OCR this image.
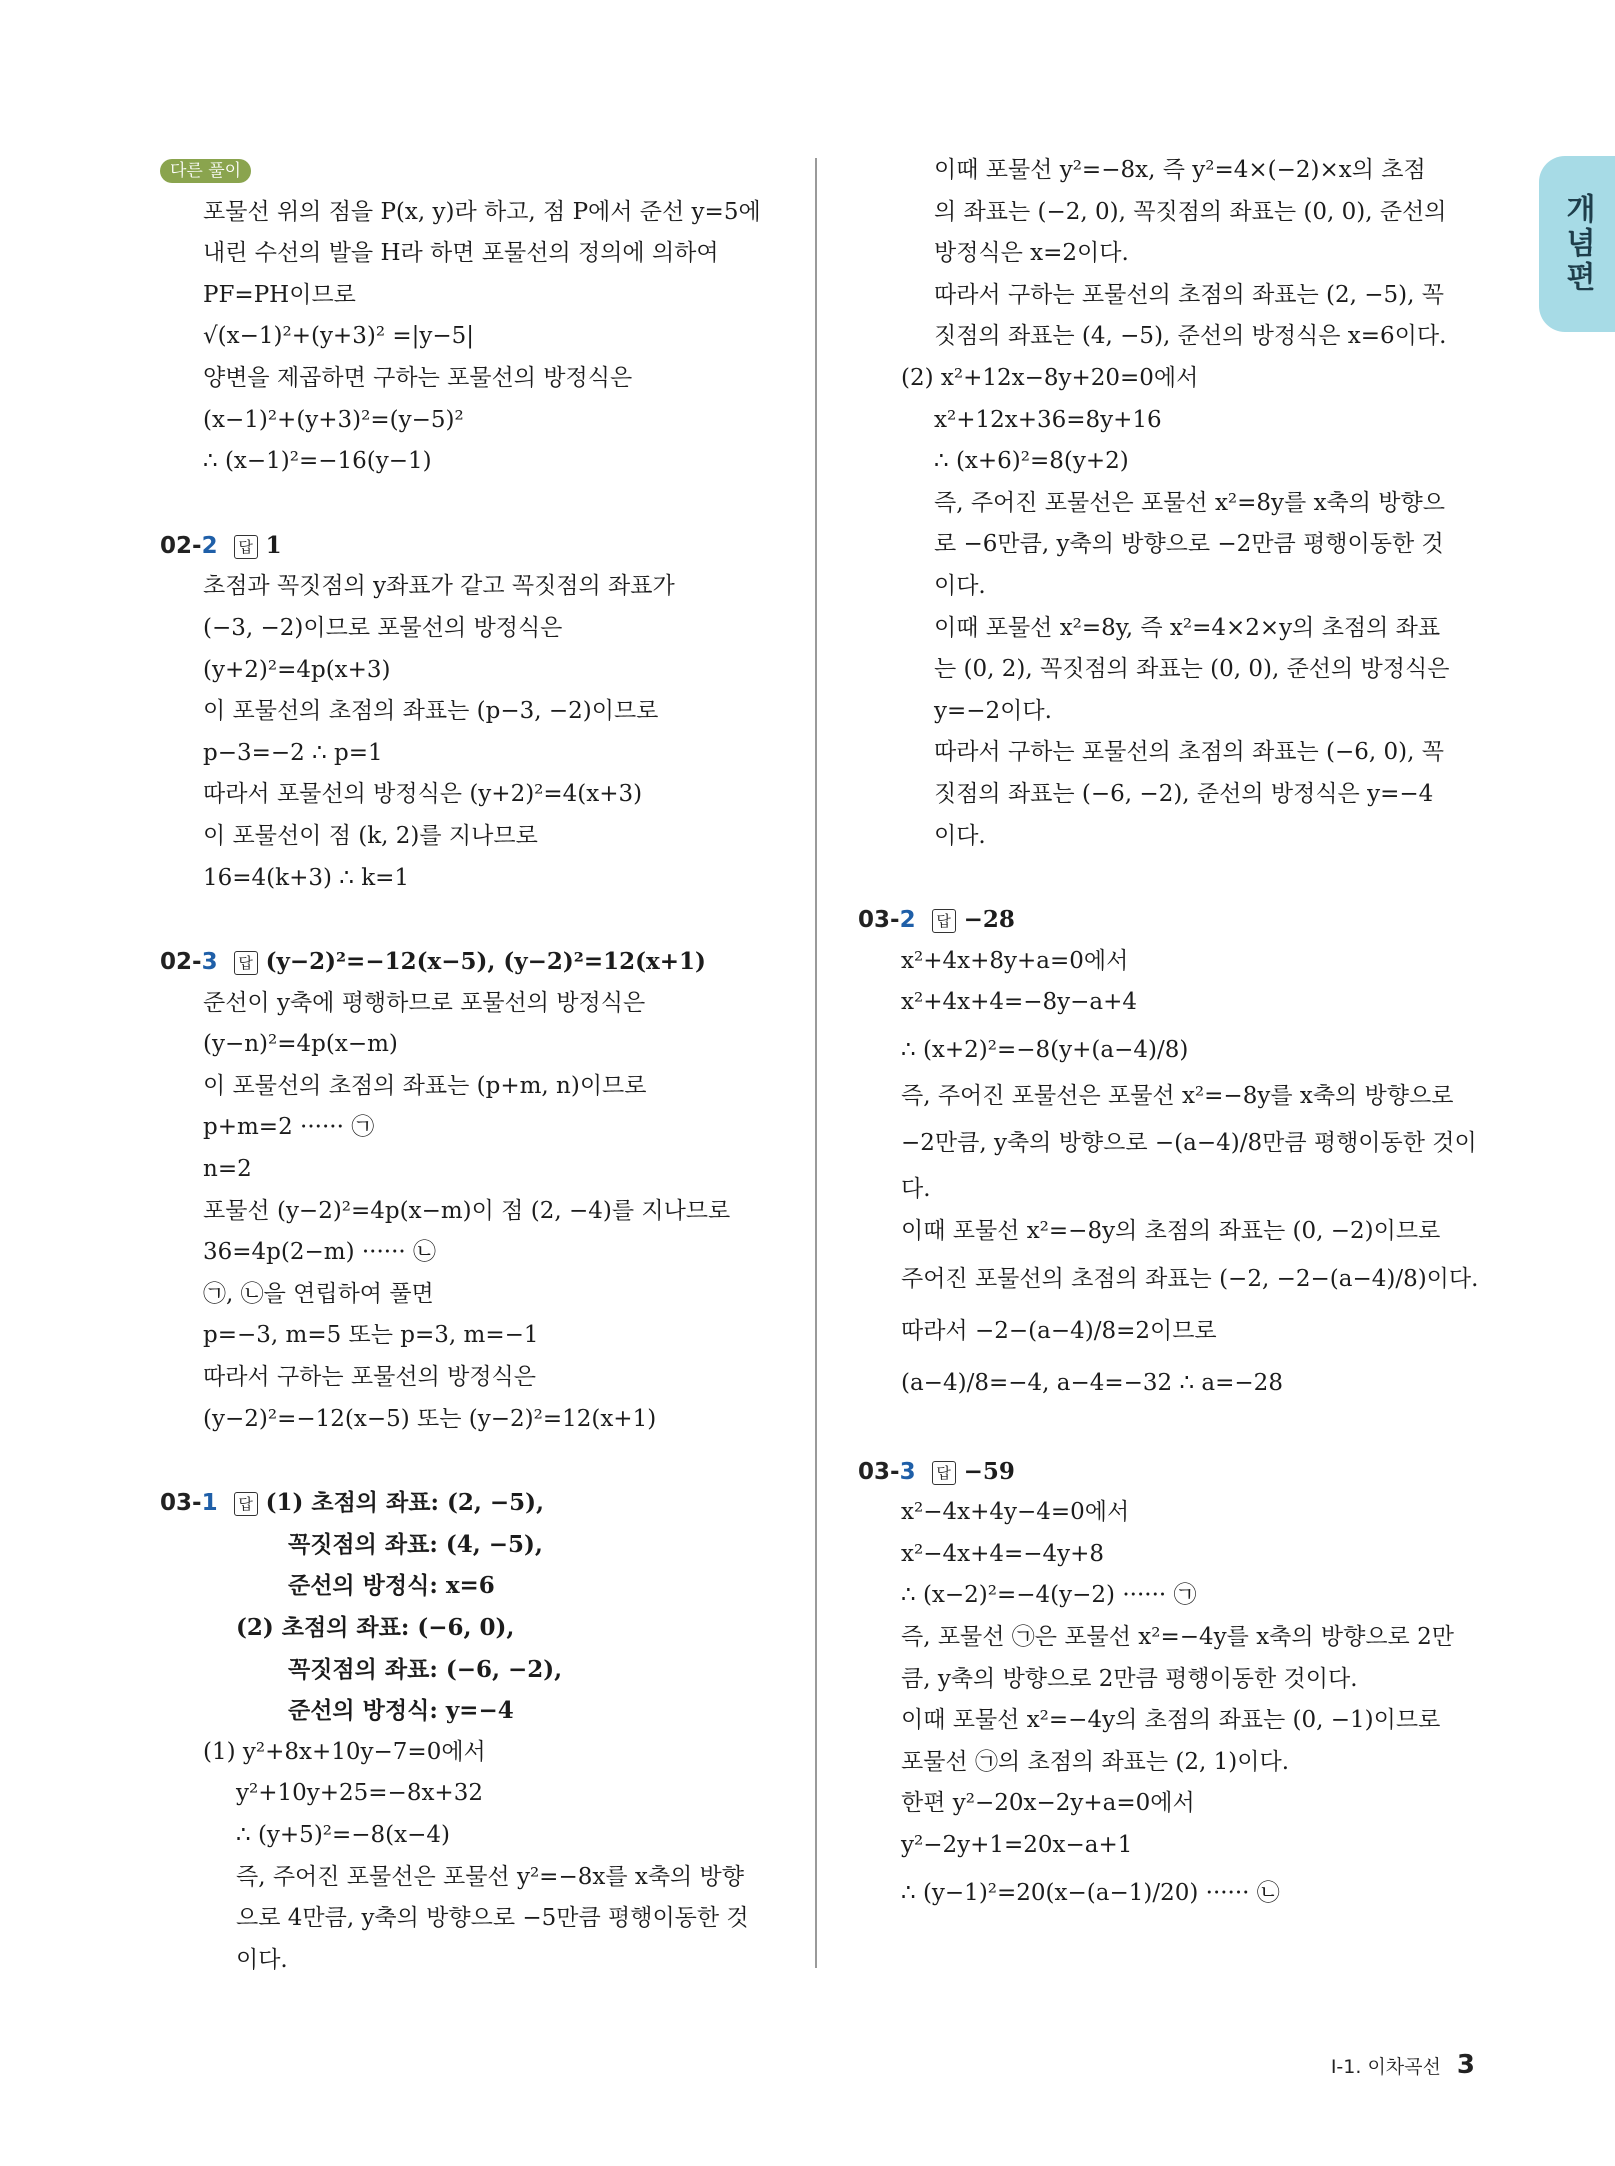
개념편
다른 풀이
포물선 위의 점을 P(x, y)라 하고, 점 P에서 준선 y=5에
내린 수선의 발을 H라 하면 포물선의 정의에 의하여
PF=PH이므로
√(x−1)²+(y+3)² =|y−5|
양변을 제곱하면 구하는 포물선의 방정식은
(x−1)²+(y+3)²=(y−5)²
∴ (x−1)²=−16(y−1)
02-2 답 1
초점과 꼭짓점의 y좌표가 같고 꼭짓점의 좌표가
(−3, −2)이므로 포물선의 방정식은
(y+2)²=4p(x+3)
이 포물선의 초점의 좌표는 (p−3, −2)이므로
p−3=−2 ∴ p=1
따라서 포물선의 방정식은 (y+2)²=4(x+3)
이 포물선이 점 (k, 2)를 지나므로
16=4(k+3) ∴ k=1
02-3 답 (y−2)²=−12(x−5), (y−2)²=12(x+1)
준선이 y축에 평행하므로 포물선의 방정식은
(y−n)²=4p(x−m)
이 포물선의 초점의 좌표는 (p+m, n)이므로
p+m=2 ······ ㉠
n=2
포물선 (y−2)²=4p(x−m)이 점 (2, −4)를 지나므로
36=4p(2−m) ······ ㉡
㉠, ㉡을 연립하여 풀면
p=−3, m=5 또는 p=3, m=−1
따라서 구하는 포물선의 방정식은
(y−2)²=−12(x−5) 또는 (y−2)²=12(x+1)
03-1 답 (1) 초점의 좌표: (2, −5),
꼭짓점의 좌표: (4, −5),
준선의 방정식: x=6
(2) 초점의 좌표: (−6, 0),
꼭짓점의 좌표: (−6, −2),
준선의 방정식: y=−4
(1) y²+8x+10y−7=0에서
y²+10y+25=−8x+32
∴ (y+5)²=−8(x−4)
즉, 주어진 포물선은 포물선 y²=−8x를 x축의 방향
으로 4만큼, y축의 방향으로 −5만큼 평행이동한 것
이다.
이때 포물선 y²=−8x, 즉 y²=4×(−2)×x의 초점
의 좌표는 (−2, 0), 꼭짓점의 좌표는 (0, 0), 준선의
방정식은 x=2이다.
따라서 구하는 포물선의 초점의 좌표는 (2, −5), 꼭
짓점의 좌표는 (4, −5), 준선의 방정식은 x=6이다.
(2) x²+12x−8y+20=0에서
x²+12x+36=8y+16
∴ (x+6)²=8(y+2)
즉, 주어진 포물선은 포물선 x²=8y를 x축의 방향으
로 −6만큼, y축의 방향으로 −2만큼 평행이동한 것
이다.
이때 포물선 x²=8y, 즉 x²=4×2×y의 초점의 좌표
는 (0, 2), 꼭짓점의 좌표는 (0, 0), 준선의 방정식은
y=−2이다.
따라서 구하는 포물선의 초점의 좌표는 (−6, 0), 꼭
짓점의 좌표는 (−6, −2), 준선의 방정식은 y=−4
이다.
03-2 답 −28
x²+4x+8y+a=0에서
x²+4x+4=−8y−a+4
∴ (x+2)²=−8(y+(a−4)/8)
즉, 주어진 포물선은 포물선 x²=−8y를 x축의 방향으로
−2만큼, y축의 방향으로 −(a−4)/8만큼 평행이동한 것이
다.
이때 포물선 x²=−8y의 초점의 좌표는 (0, −2)이므로
주어진 포물선의 초점의 좌표는 (−2, −2−(a−4)/8)이다.
따라서 −2−(a−4)/8=2이므로
(a−4)/8=−4, a−4=−32 ∴ a=−28
03-3 답 −59
x²−4x+4y−4=0에서
x²−4x+4=−4y+8
∴ (x−2)²=−4(y−2) ······ ㉠
즉, 포물선 ㉠은 포물선 x²=−4y를 x축의 방향으로 2만
큼, y축의 방향으로 2만큼 평행이동한 것이다.
이때 포물선 x²=−4y의 초점의 좌표는 (0, −1)이므로
포물선 ㉠의 초점의 좌표는 (2, 1)이다.
한편 y²−20x−2y+a=0에서
y²−2y+1=20x−a+1
∴ (y−1)²=20(x−(a−1)/20) ······ ㉡
Ⅰ-1. 이차곡선 3
